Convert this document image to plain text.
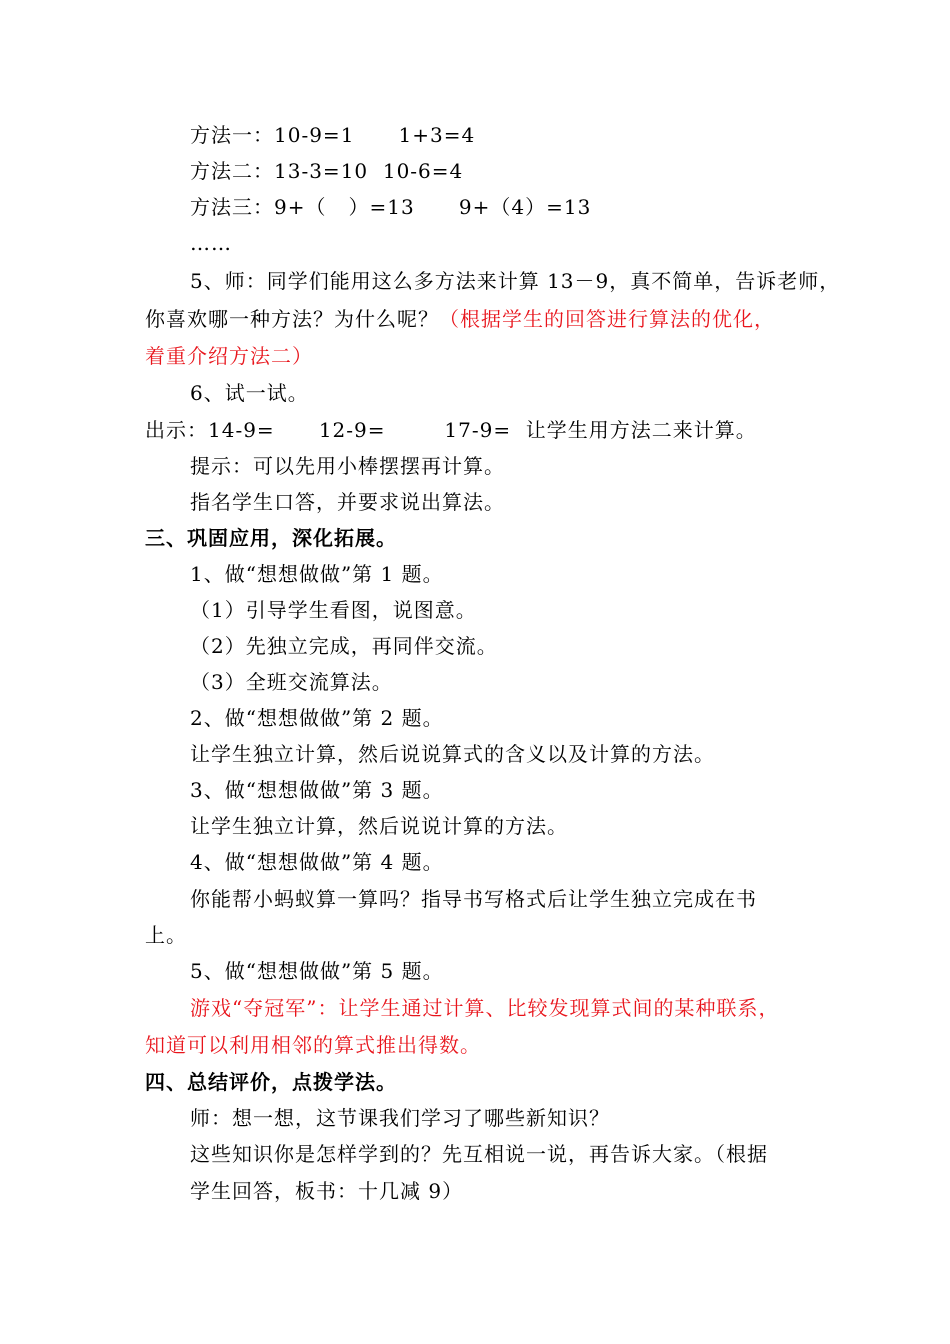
方法一：10-9=1      1+3=4
方法二：13-3=10  10-6=4
方法三：9+（   ）=13      9+（4）=13
……
5、师：同学们能用这么多方法来计算 13－9，真不简单，告诉老师，
你喜欢哪一种方法？为什么呢？（根据学生的回答进行算法的优化，
着重介绍方法二）
6、试一试。
出示：14-9=      12-9=        17-9=  让学生用方法二来计算。
提示：可以先用小棒摆摆再计算。
指名学生口答，并要求说出算法。
三、巩固应用，深化拓展。
1、做“想想做做”第 1 题。
（1）引导学生看图，说图意。
（2）先独立完成，再同伴交流。
（3）全班交流算法。
2、做“想想做做”第 2 题。
让学生独立计算，然后说说算式的含义以及计算的方法。
3、做“想想做做”第 3 题。
让学生独立计算，然后说说计算的方法。
4、做“想想做做”第 4 题。
你能帮小蚂蚁算一算吗？指导书写格式后让学生独立完成在书
上。
5、做“想想做做”第 5 题。
游戏“夺冠军”：让学生通过计算、比较发现算式间的某种联系，
知道可以利用相邻的算式推出得数。
四、总结评价，点拨学法。
师：想一想，这节课我们学习了哪些新知识？
这些知识你是怎样学到的？先互相说一说，再告诉大家。（根据
学生回答，板书：十几减 9）
